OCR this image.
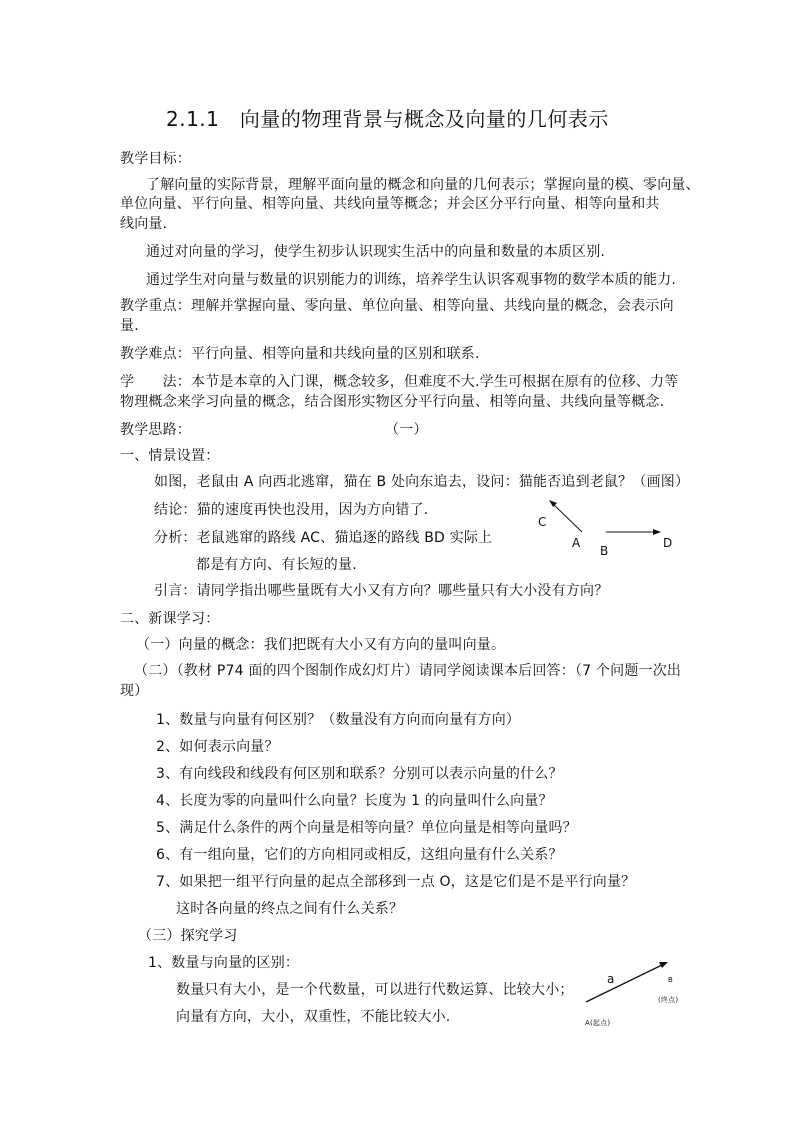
2.1.1　向量的物理背景与概念及向量的几何表示
教学目标：
了解向量的实际背景，理解平面向量的概念和向量的几何表示；掌握向量的模、零向量、
单位向量、平行向量、相等向量、共线向量等概念；并会区分平行向量、相等向量和共
线向量.
通过对向量的学习，使学生初步认识现实生活中的向量和数量的本质区别.
通过学生对向量与数量的识别能力的训练，培养学生认识客观事物的数学本质的能力.
教学重点：理解并掌握向量、零向量、单位向量、相等向量、共线向量的概念，会表示向
量.
教学难点：平行向量、相等向量和共线向量的区别和联系.
学　　法：本节是本章的入门课，概念较多，但难度不大.学生可根据在原有的位移、力等
物理概念来学习向量的概念，结合图形实物区分平行向量、相等向量、共线向量等概念.
教学思路：	（一）
一、情景设置：
如图，老鼠由 A 向西北逃窜，猫在 B 处向东追去，设问：猫能否追到老鼠？（画图）
结论：猫的速度再快也没用，因为方向错了.
分析：老鼠逃窜的路线 AC、猫追逐的路线 BD 实际上
都是有方向、有长短的量.
引言：请同学指出哪些量既有大小又有方向？哪些量只有大小没有方向？
C
A
B
D
二、新课学习：
（一）向量的概念：我们把既有大小又有方向的量叫向量。
（二）（教材 P74 面的四个图制作成幻灯片）请同学阅读课本后回答：（7 个问题一次出
现）
1、数量与向量有何区别？（数量没有方向而向量有方向）
2、如何表示向量？
3、有向线段和线段有何区别和联系？分别可以表示向量的什么？
4、长度为零的向量叫什么向量？长度为 1 的向量叫什么向量？
5、满足什么条件的两个向量是相等向量？单位向量是相等向量吗？
6、有一组向量，它们的方向相同或相反，这组向量有什么关系？
7、如果把一组平行向量的起点全部移到一点 O，这是它们是不是平行向量？
这时各向量的终点之间有什么关系？
（三）探究学习
1、数量与向量的区别：
数量只有大小，是一个代数量，可以进行代数运算、比较大小；
向量有方向，大小，双重性，不能比较大小.
a	B
(终点)
A(起点)
